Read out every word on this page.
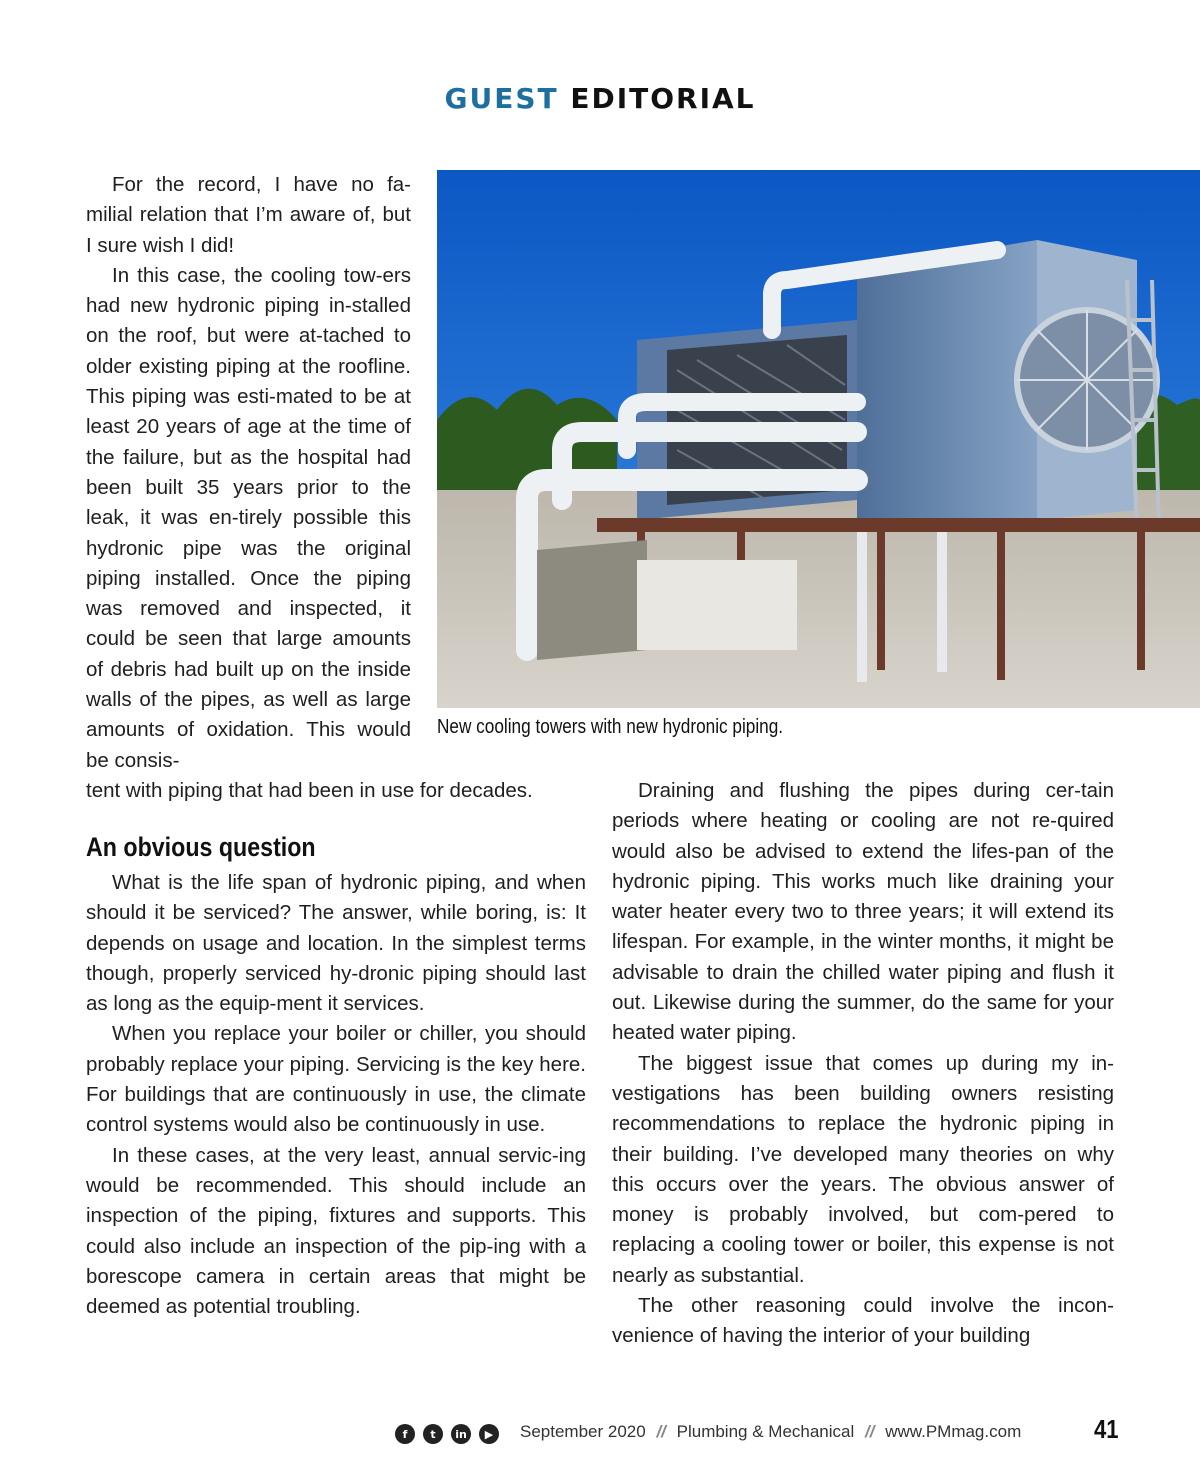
GUEST EDITORIAL

For the record, I have no fa-milial relation that I’m aware of, but I sure wish I did!

In this case, the cooling tow-ers had new hydronic piping in-stalled on the roof, but were at-tached to older existing piping at the roofline. This piping was esti-mated to be at least 20 years of age at the time of the failure, but as the hospital had been built 35 years prior to the leak, it was en-tirely possible this hydronic pipe was the original piping installed. Once the piping was removed and inspected, it could be seen that large amounts of debris had built up on the inside walls of the pipes, as well as large amounts of oxidation. This would be consis-

tent with piping that had been in use for decades.

New cooling towers with new hydronic piping.
An obvious question

What is the life span of hydronic piping, and when should it be serviced? The answer, while boring, is: It depends on usage and location. In the simplest terms though, properly serviced hy-dronic piping should last as long as the equip-ment it services.

When you replace your boiler or chiller, you should probably replace your piping. Servicing is the key here. For buildings that are continuously in use, the climate control systems would also be continuously in use.

In these cases, at the very least, annual servic-ing would be recommended. This should include an inspection of the piping, fixtures and supports. This could also include an inspection of the pip-ing with a borescope camera in certain areas that might be deemed as potential troubling.

Draining and flushing the pipes during cer-tain periods where heating or cooling are not re-quired would also be advised to extend the lifes-pan of the hydronic piping. This works much like draining your water heater every two to three years; it will extend its lifespan. For example, in the winter months, it might be advisable to drain the chilled water piping and flush it out. Likewise during the summer, do the same for your heated water piping.

The biggest issue that comes up during my in-vestigations has been building owners resisting recommendations to replace the hydronic piping in their building. I’ve developed many theories on why this occurs over the years. The obvious answer of money is probably involved, but com-pered to replacing a cooling tower or boiler, this expense is not nearly as substantial.

The other reasoning could involve the incon-venience of having the interior of your building

f	t	in	▶	September 2020 // Plumbing & Mechanical // www.PMmag.com	41
